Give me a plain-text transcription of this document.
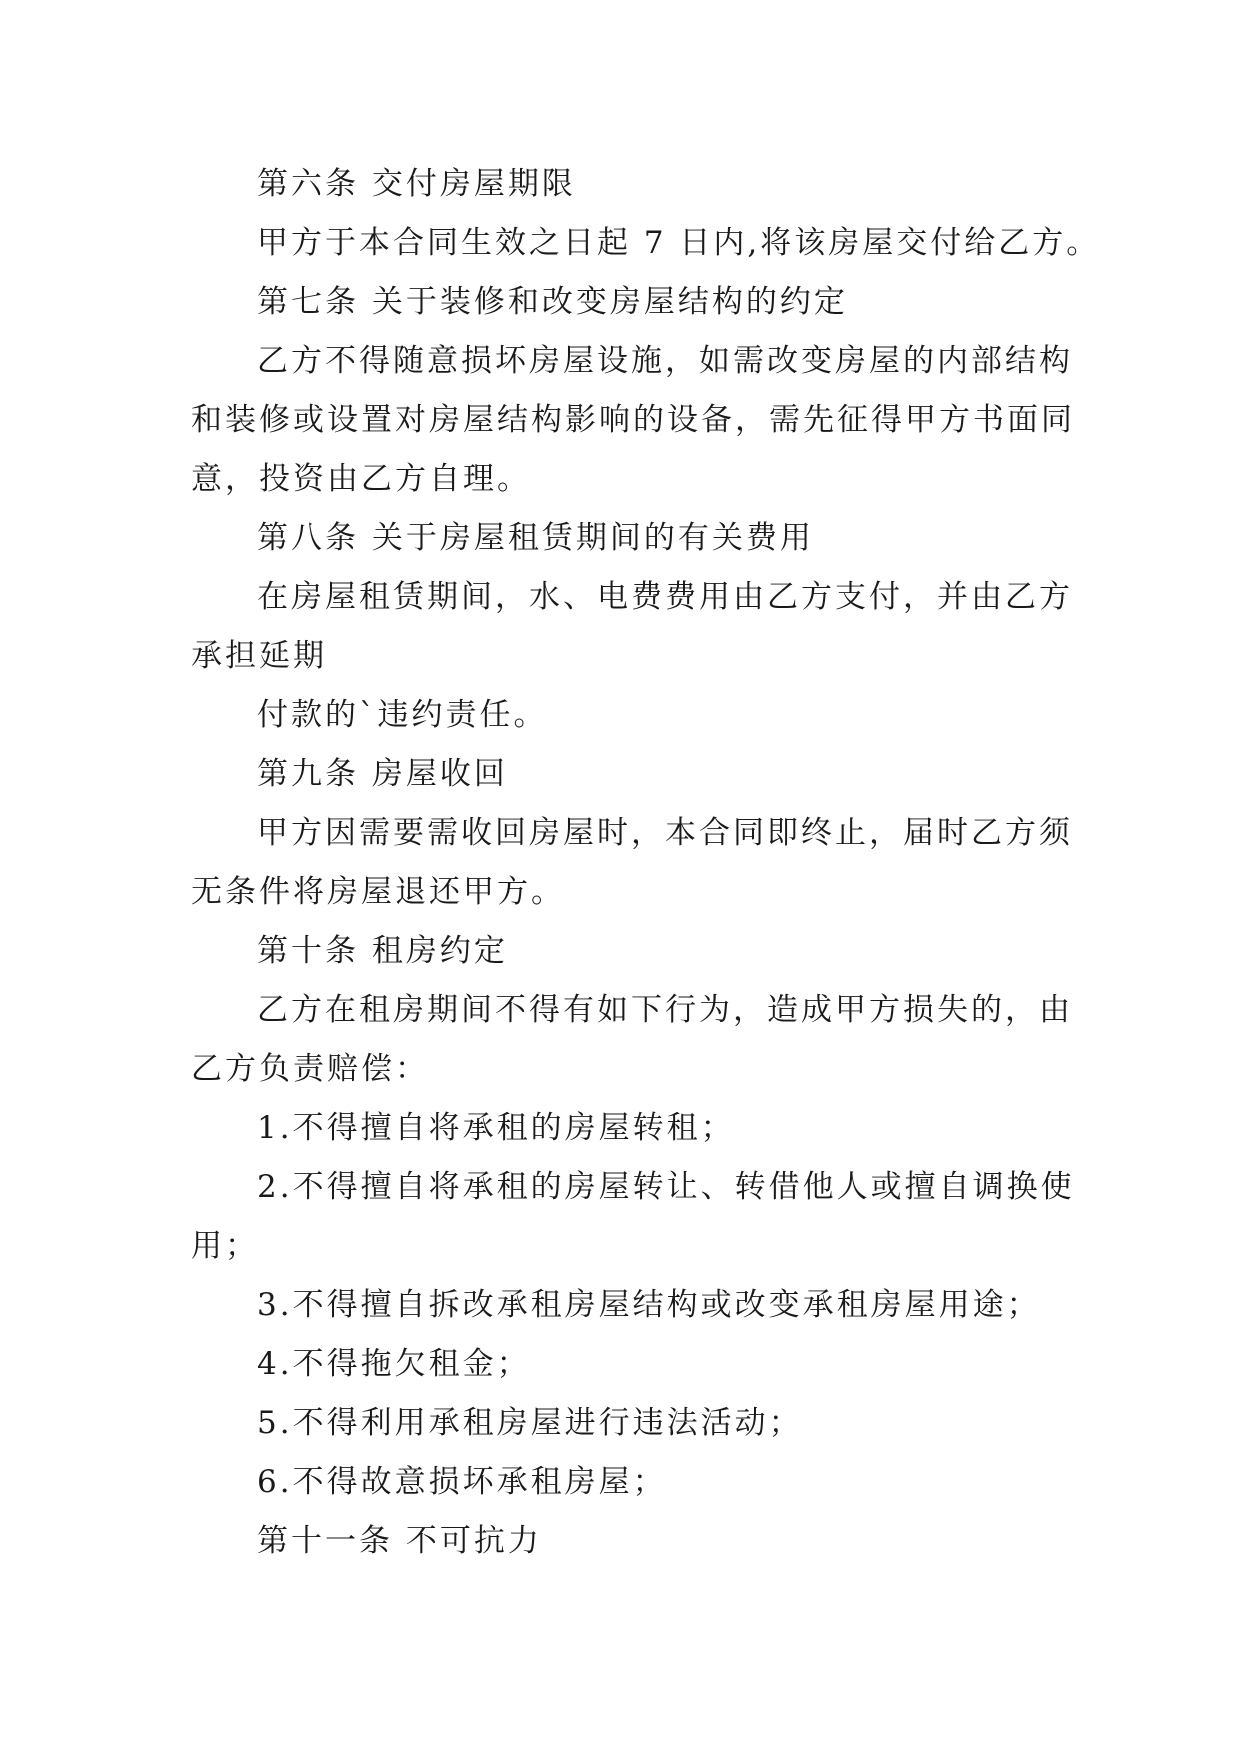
第六条 交付房屋期限

甲方于本合同生效之日起 7 日内,将该房屋交付给乙方。

第七条 关于装修和改变房屋结构的约定

乙方不得随意损坏房屋设施，如需改变房屋的内部结构

和装修或设置对房屋结构影响的设备，需先征得甲方书面同

意，投资由乙方自理。

第八条 关于房屋租赁期间的有关费用

在房屋租赁期间，水、电费费用由乙方支付，并由乙方

承担延期

付款的`违约责任。

第九条 房屋收回

甲方因需要需收回房屋时，本合同即终止，届时乙方须

无条件将房屋退还甲方。

第十条 租房约定

乙方在租房期间不得有如下行为，造成甲方损失的，由

乙方负责赔偿：

1.不得擅自将承租的房屋转租；

2.不得擅自将承租的房屋转让、转借他人或擅自调换使

用；

3.不得擅自拆改承租房屋结构或改变承租房屋用途；

4.不得拖欠租金；

5.不得利用承租房屋进行违法活动；

6.不得故意损坏承租房屋；

第十一条 不可抗力
